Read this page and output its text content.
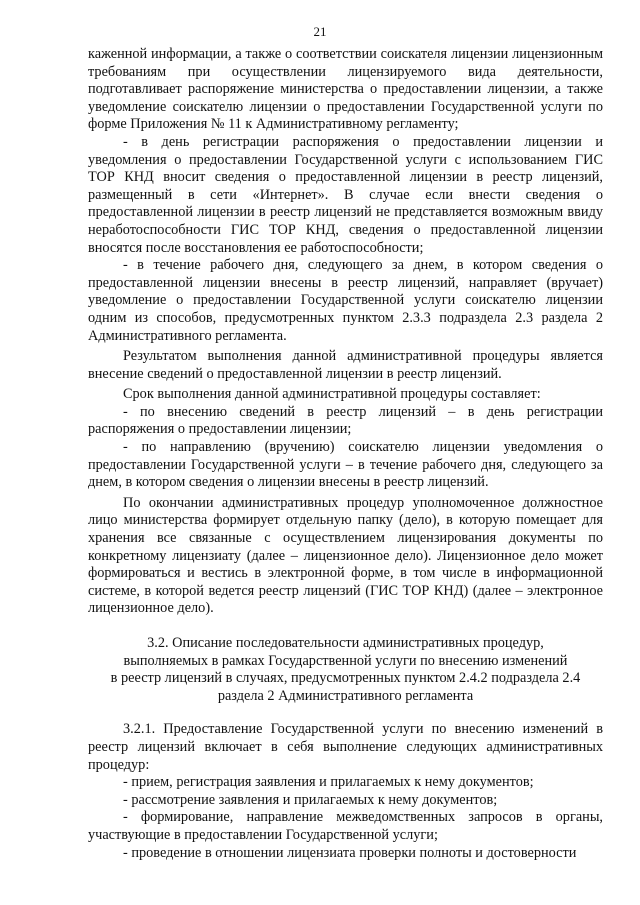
21

каженной информации, а также о соответствии соискателя лицензии лицензионным требованиям при осуществлении лицензируемого вида деятельности, подготавливает распоряжение министерства о предоставлении лицензии, а также уведомление соискателю лицензии о предоставлении Государственной услуги по форме Приложения № 11 к Административному регламенту;

- в день регистрации распоряжения о предоставлении лицензии и уведомления о предоставлении Государственной услуги с использованием ГИС ТОР КНД вносит сведения о предоставленной лицензии в реестр лицензий, размещенный в сети «Интернет». В случае если внести сведения о предоставленной лицензии в реестр лицензий не представляется возможным ввиду неработоспособности ГИС ТОР КНД, сведения о предоставленной лицензии вносятся после восстановления ее работоспособности;

- в течение рабочего дня, следующего за днем, в котором сведения о предоставленной лицензии внесены в реестр лицензий, направляет (вручает) уведомление о предоставлении Государственной услуги соискателю лицензии одним из способов, предусмотренных пунктом 2.3.3 подраздела 2.3 раздела 2 Административного регламента.

Результатом выполнения данной административной процедуры является внесение сведений о предоставленной лицензии в реестр лицензий.

Срок выполнения данной административной процедуры составляет:

- по внесению сведений в реестр лицензий – в день регистрации распоряжения о предоставлении лицензии;

- по направлению (вручению) соискателю лицензии уведомления о предоставлении Государственной услуги – в течение рабочего дня, следующего за днем, в котором сведения о лицензии внесены в реестр лицензий.

По окончании административных процедур уполномоченное должностное лицо министерства формирует отдельную папку (дело), в которую помещает для хранения все связанные с осуществлением лицензирования документы по конкретному лицензиату (далее – лицензионное дело). Лицензионное дело может формироваться и вестись в электронной форме, в том числе в информационной системе, в которой ведется реестр лицензий (ГИС ТОР КНД) (далее – электронное лицензионное дело).

3.2. Описание последовательности административных процедур,
выполняемых в рамках Государственной услуги по внесению изменений
в реестр лицензий в случаях, предусмотренных пунктом 2.4.2 подраздела 2.4
раздела 2 Административного регламента

3.2.1. Предоставление Государственной услуги по внесению изменений в реестр лицензий включает в себя выполнение следующих административных процедур:

- прием, регистрация заявления и прилагаемых к нему документов;

- рассмотрение заявления и прилагаемых к нему документов;

- формирование, направление межведомственных запросов в органы, участвующие в предоставлении Государственной услуги;

- проведение в отношении лицензиата проверки полноты и достоверности
